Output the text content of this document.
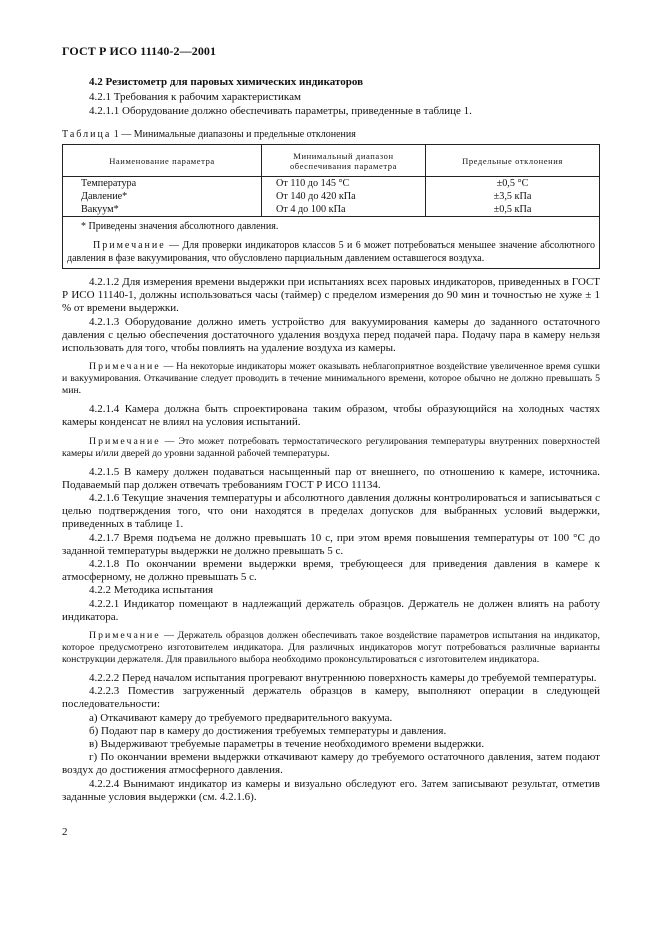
ГОСТ Р ИСО 11140-2—2001
4.2 Резистометр для паровых химических индикаторов
4.2.1 Требования к рабочим характеристикам
4.2.1.1 Оборудование должно обеспечивать параметры, приведенные в таблице 1.
Таблица 1 — Минимальные диапазоны и предельные отклонения
Наименование параметра	Минимальный диапазон обеспечивания параметра	Предельные отклонения
Температура	От 110 до 145 °С	±0,5 °С
Давление*	От 140 до 420 кПа	±3,5 кПа
Вакуум*	От 4 до 100 кПа	±0,5 кПа

* Приведены значения абсолютного давления.
Примечание — Для проверки индикаторов классов 5 и 6 может потребоваться меньшее значение абсолютного давления в фазе вакуумирования, что обусловлено парциальным давлением оставшегося воздуха.		

4.2.1.2 Для измерения времени выдержки при испытаниях всех паровых индикаторов, приведенных в ГОСТ Р ИСО 11140-1, должны использоваться часы (таймер) с пределом измерения до 90 мин и точностью не хуже ± 1 % от времени выдержки.

4.2.1.3 Оборудование должно иметь устройство для вакуумирования камеры до заданного остаточного давления с целью обеспечения достаточного удаления воздуха перед подачей пара. Подачу пара в камеру нельзя использовать для того, чтобы повлиять на удаление воздуха из камеры.

Примечание — На некоторые индикаторы может оказывать неблагоприятное воздействие увеличенное время сушки и вакуумирования. Откачивание следует проводить в течение минимального времени, которое обычно не должно превышать 5 мин.

4.2.1.4 Камера должна быть спроектирована таким образом, чтобы образующийся на холодных частях камеры конденсат не влиял на условия испытаний.

Примечание — Это может потребовать термостатического регулирования температуры внутренних поверхностей камеры и/или дверей до уровни заданной рабочей температуры.

4.2.1.5 В камеру должен подаваться насыщенный пар от внешнего, по отношению к камере, источника. Подаваемый пар должен отвечать требованиям ГОСТ Р ИСО 11134.

4.2.1.6 Текущие значения температуры и абсолютного давления должны контролироваться и записываться с целью подтверждения того, что они находятся в пределах допусков для выбранных условий выдержки, приведенных в таблице 1.

4.2.1.7 Время подъема не должно превышать 10 с, при этом время повышения температуры от 100 °С до заданной температуры выдержки не должно превышать 5 с.

4.2.1.8 По окончании времени выдержки время, требующееся для приведения давления в камере к атмосферному, не должно превышать 5 с.

4.2.2 Методика испытания

4.2.2.1 Индикатор помещают в надлежащий держатель образцов. Держатель не должен влиять на работу индикатора.

Примечание — Держатель образцов должен обеспечивать такое воздействие параметров испытания на индикатор, которое предусмотрено изготовителем индикатора. Для различных индикаторов могут потребоваться различные варианты конструкции держателя. Для правильного выбора необходимо проконсультироваться с изготовителем индикатора.

4.2.2.2 Перед началом испытания прогревают внутреннюю поверхность камеры до требуемой температуры.

4.2.2.3 Поместив загруженный держатель образцов в камеру, выполняют операции в следующей последовательности:

а) Откачивают камеру до требуемого предварительного вакуума.

б) Подают пар в камеру до достижения требуемых температуры и давления.

в) Выдерживают требуемые параметры в течение необходимого времени выдержки.

г) По окончании времени выдержки откачивают камеру до требуемого остаточного давления, затем подают воздух до достижения атмосферного давления.

4.2.2.4 Вынимают индикатор из камеры и визуально обследуют его. Затем записывают результат, отметив заданные условия выдержки (см. 4.2.1.6).

2
